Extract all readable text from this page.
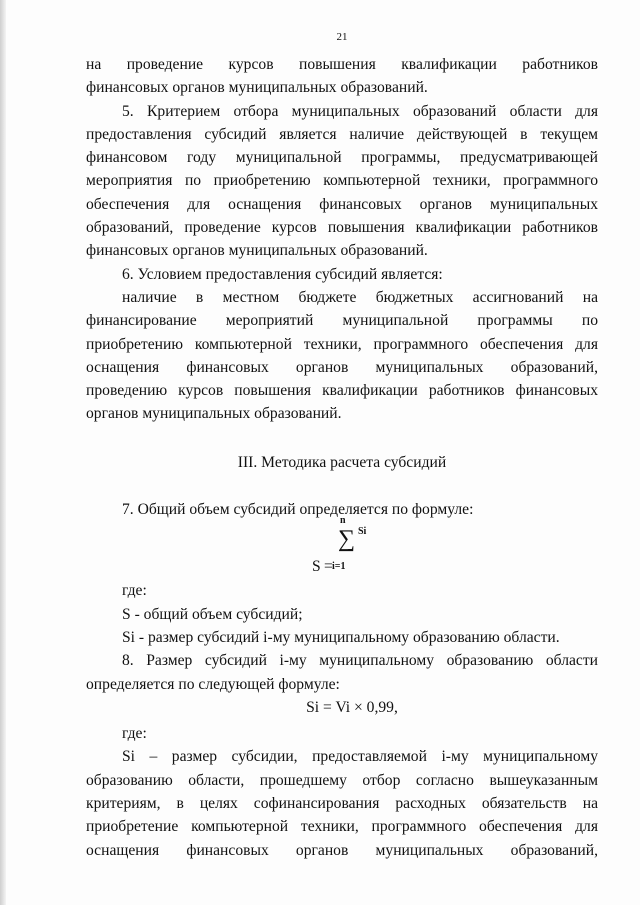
21
на проведение курсов повышения квалификации работников
финансовых органов муниципальных образований.
5. Критерием отбора муниципальных образований области для
предоставления субсидий является наличие действующей в текущем
финансовом году муниципальной программы, предусматривающей
мероприятия по приобретению компьютерной техники, программного
обеспечения для оснащения финансовых органов муниципальных
образований, проведение курсов повышения квалификации работников
финансовых органов муниципальных образований.
6. Условием предоставления субсидий является:
наличие в местном бюджете бюджетных ассигнований на
финансирование мероприятий муниципальной программы по
приобретению компьютерной техники, программного обеспечения для
оснащения финансовых органов муниципальных образований,
проведению курсов повышения квалификации работников финансовых
органов муниципальных образований.
III. Методика расчета субсидий
7. Общий объем субсидий определяется по формуле:
S =
n
∑ Si
i=1
где:
S - общий объем субсидий;
Si - размер субсидий i-му муниципальному образованию области.
8. Размер субсидий i-му муниципальному образованию области
определяется по следующей формуле:
Si = Vi × 0,99,
где:
Si – размер субсидии, предоставляемой i-му муниципальному
образованию области, прошедшему отбор согласно вышеуказанным
критериям, в целях софинансирования расходных обязательств на
приобретение компьютерной техники, программного обеспечения для
оснащения финансовых органов муниципальных образований,
